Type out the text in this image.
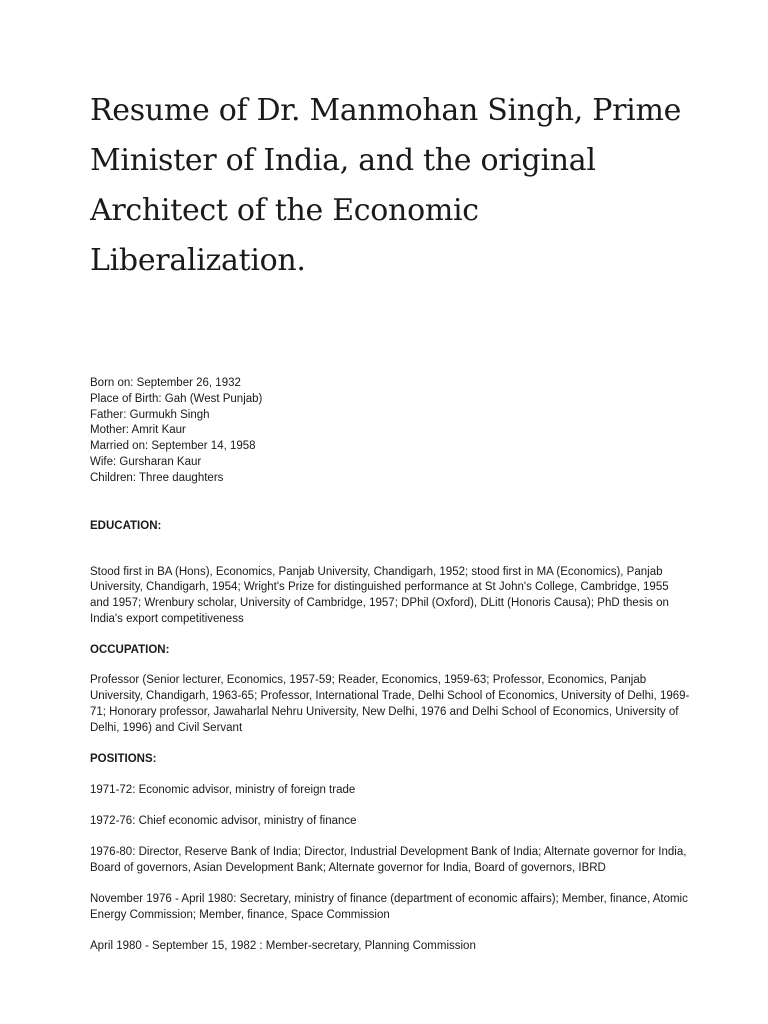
Resume of Dr. Manmohan Singh, Prime Minister of India, and the original Architect of the Economic Liberalization.
Born on: September 26, 1932
Place of Birth: Gah (West Punjab)
Father: Gurmukh Singh
Mother: Amrit Kaur
Married on: September 14, 1958
Wife: Gursharan Kaur
Children: Three daughters

EDUCATION:

Stood first in BA (Hons), Economics, Panjab University, Chandigarh, 1952; stood first in MA (Economics), Panjab University, Chandigarh, 1954; Wright's Prize for distinguished performance at St John's College, Cambridge, 1955 and 1957; Wrenbury scholar, University of Cambridge, 1957; DPhil (Oxford), DLitt (Honoris Causa); PhD thesis on India's export competitiveness

OCCUPATION:

Professor (Senior lecturer, Economics, 1957-59; Reader, Economics, 1959-63; Professor, Economics, Panjab University, Chandigarh, 1963-65; Professor, International Trade, Delhi School of Economics, University of Delhi, 1969-71; Honorary professor, Jawaharlal Nehru University, New Delhi, 1976 and Delhi School of Economics, University of Delhi, 1996) and Civil Servant

POSITIONS:

1971-72: Economic advisor, ministry of foreign trade

1972-76: Chief economic advisor, ministry of finance

1976-80: Director, Reserve Bank of India; Director, Industrial Development Bank of India; Alternate governor for India, Board of governors, Asian Development Bank; Alternate governor for India, Board of governors, IBRD

November 1976 - April 1980: Secretary, ministry of finance (department of economic affairs); Member, finance, Atomic Energy Commission; Member, finance, Space Commission

April 1980 - September 15, 1982 : Member-secretary, Planning Commission
